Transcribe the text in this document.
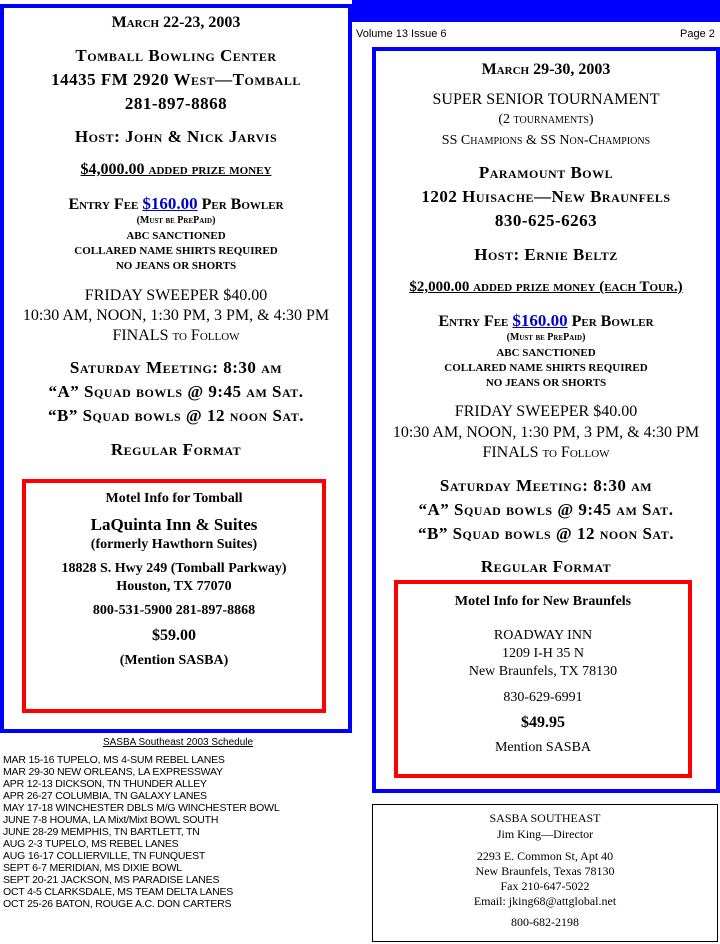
Volume 13 Issue 6	Page 2
March 22-23, 2003
Tomball Bowling Center
14435 FM 2920 West—Tomball
281-897-8868
Host: John & Nick Jarvis
$4,000.00 added prize money
Entry Fee $160.00 Per Bowler
(Must be PrePaid)
ABC SANCTIONED
COLLARED NAME SHIRTS REQUIRED
NO JEANS OR SHORTS
FRIDAY SWEEPER $40.00
10:30 AM, NOON, 1:30 PM, 3 PM, & 4:30 PM
FINALS to Follow
Saturday Meeting: 8:30 am
“A” Squad bowls @ 9:45 am Sat.
“B” Squad bowls @ 12 noon Sat.
Regular Format
Motel Info for Tomball
LaQuinta Inn & Suites
(formerly Hawthorn Suites)
18828 S. Hwy 249 (Tomball Parkway)
Houston, TX 77070
800-531-5900 281-897-8868
$59.00
(Mention SASBA)
March 29-30, 2003
SUPER SENIOR TOURNAMENT
(2 tournaments)
SS Champions & SS Non-Champions
Paramount Bowl
1202 Huisache—New Braunfels
830-625-6263
Host: Ernie Beltz
$2,000.00 added prize money (each Tour.)
Entry Fee $160.00 Per Bowler
(Must be PrePaid)
ABC SANCTIONED
COLLARED NAME SHIRTS REQUIRED
NO JEANS OR SHORTS
FRIDAY SWEEPER $40.00
10:30 AM, NOON, 1:30 PM, 3 PM, & 4:30 PM
FINALS to Follow
Saturday Meeting: 8:30 am
“A” Squad bowls @ 9:45 am Sat.
“B” Squad bowls @ 12 noon Sat.
Regular Format
Motel Info for New Braunfels
ROADWAY INN
1209 I-H 35 N
New Braunfels, TX 78130
830-629-6991
$49.95
Mention SASBA
SASBA Southeast 2003 Schedule
MAR 15-16 TUPELO, MS 4-SUM REBEL LANES
MAR 29-30 NEW ORLEANS, LA EXPRESSWAY
APR 12-13 DICKSON, TN THUNDER ALLEY
APR 26-27 COLUMBIA, TN GALAXY LANES
MAY 17-18 WINCHESTER DBLS M/G WINCHESTER BOWL
JUNE 7-8 HOUMA, LA Mixt/Mixt BOWL SOUTH
JUNE 28-29 MEMPHIS, TN BARTLETT, TN
AUG 2-3 TUPELO, MS REBEL LANES
AUG 16-17 COLLIERVILLE, TN FUNQUEST
SEPT 6-7 MERIDIAN, MS DIXIE BOWL
SEPT 20-21 JACKSON, MS PARADISE LANES
OCT 4-5 CLARKSDALE, MS TEAM DELTA LANES
OCT 25-26 BATON, ROUGE A.C. DON CARTERS
SASBA SOUTHEAST
Jim King—Director
2293 E. Common St, Apt 40
New Braunfels, Texas 78130
Fax 210-647-5022
Email: jking68@attglobal.net
800-682-2198
